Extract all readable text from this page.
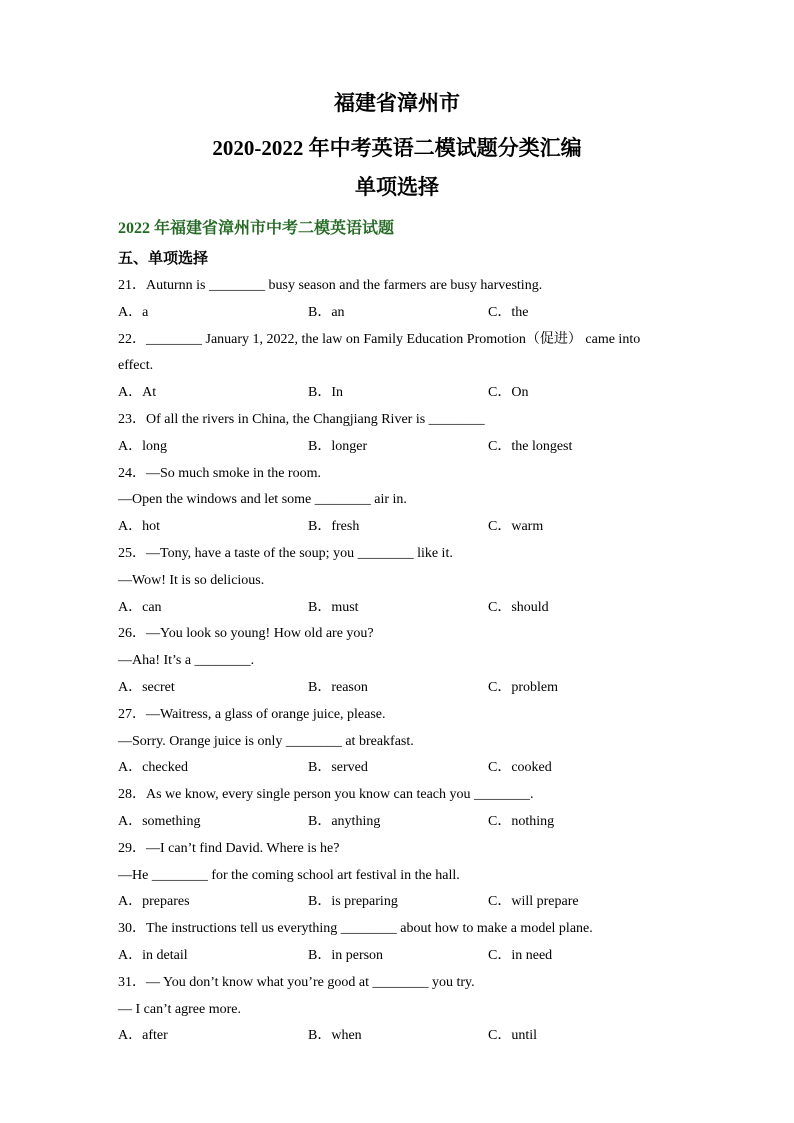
福建省漳州市
2020-2022 年中考英语二模试题分类汇编
单项选择
2022 年福建省漳州市中考二模英语试题
五、单项选择
21．Auturnn is ________ busy season and the farmers are busy harvesting.
A．a	B．an	C．the
22．________ January 1, 2022, the law on Family Education Promotion（促进） came into effect.
A．At	B．In	C．On
23．Of all the rivers in China, the Changjiang River is ________
A．long	B．longer	C．the longest
24．—So much smoke in the room.
—Open the windows and let some ________ air in.
A．hot	B．fresh	C．warm
25．—Tony, have a taste of the soup; you ________ like it.
—Wow! It is so delicious.
A．can	B．must	C．should
26．—You look so young! How old are you?
—Aha! It’s a ________.
A．secret	B．reason	C．problem
27．—Waitress, a glass of orange juice, please.
—Sorry. Orange juice is only ________ at breakfast.
A．checked	B．served	C．cooked
28．As we know, every single person you know can teach you ________.
A．something	B．anything	C．nothing
29．—I can’t find David. Where is he?
—He ________ for the coming school art festival in the hall.
A．prepares	B．is preparing	C．will prepare
30．The instructions tell us everything ________ about how to make a model plane.
A．in detail	B．in person	C．in need
31．— You don’t know what you’re good at ________ you try.
— I can’t agree more.
A．after	B．when	C．until
